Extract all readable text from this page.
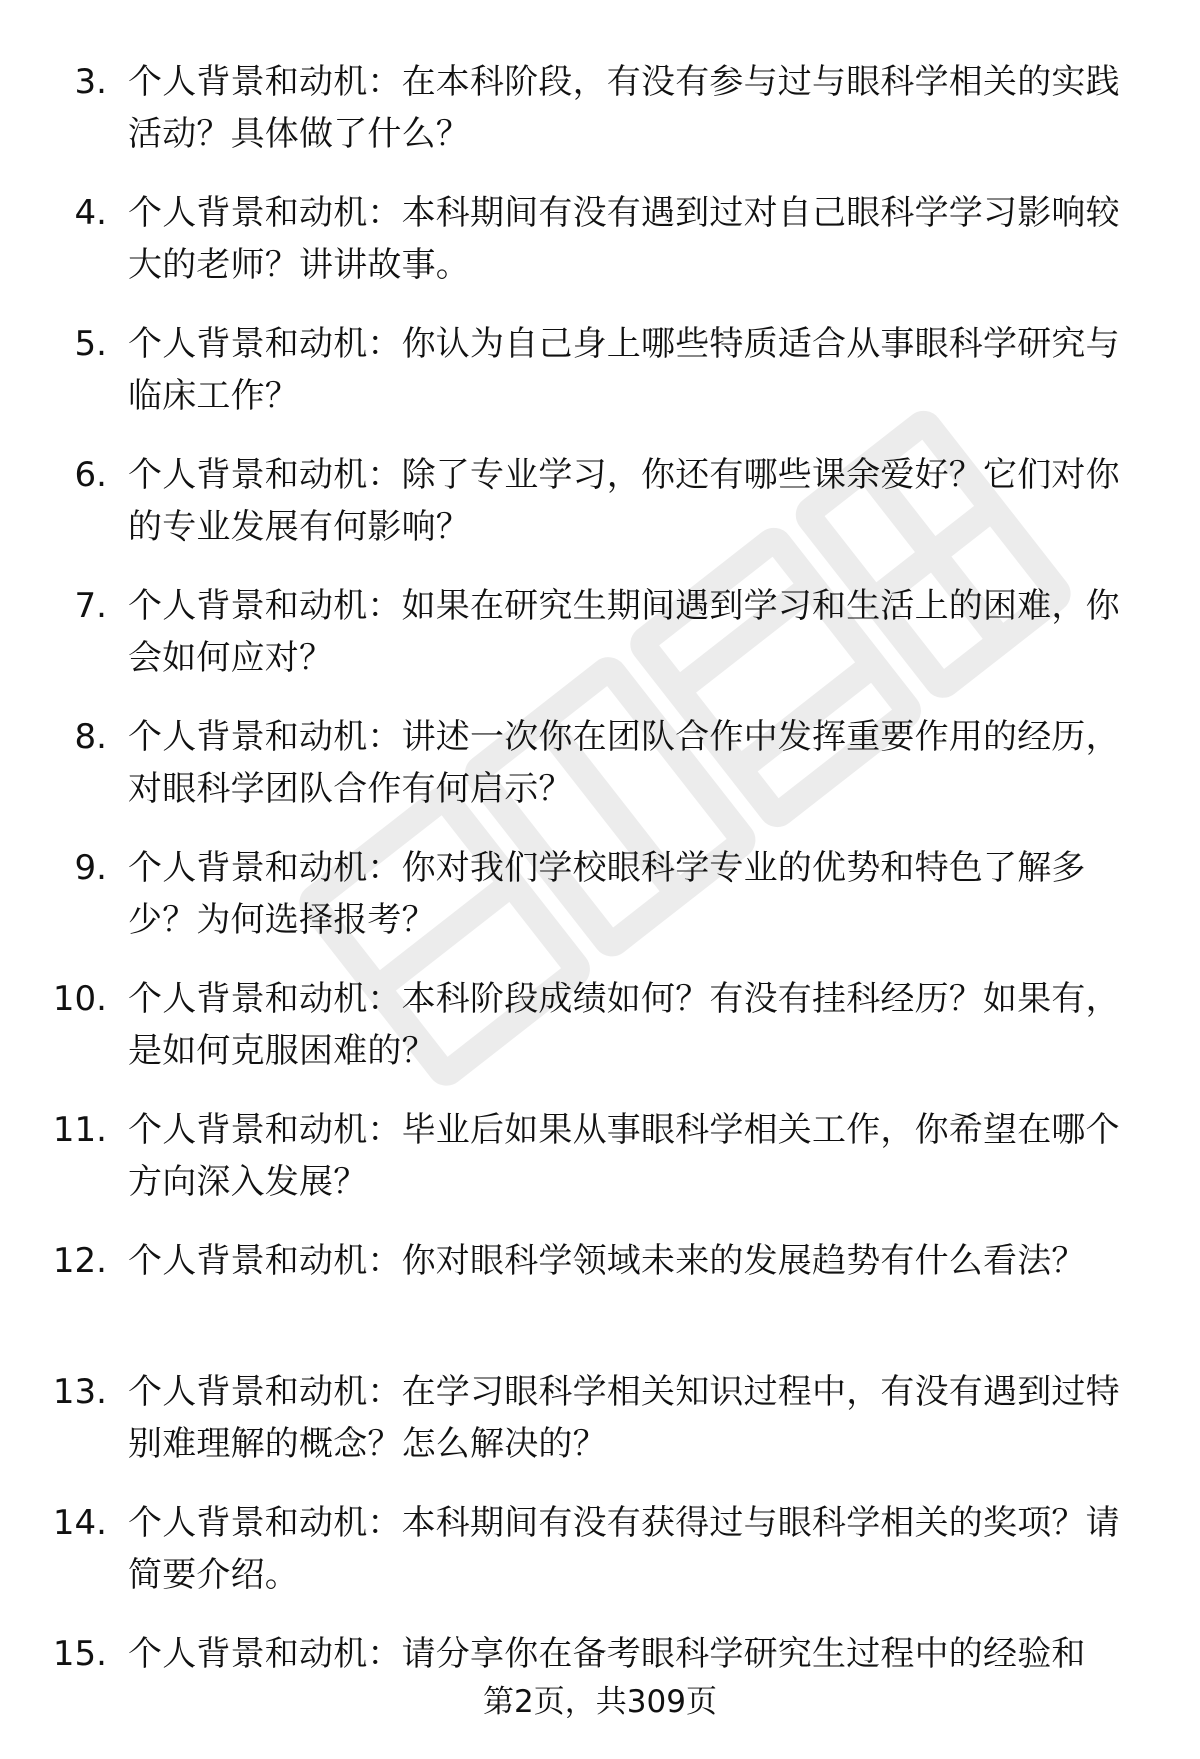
3. 个人背景和动机：在本科阶段，有没有参与过与眼科学相关的实践活动？具体做了什么？
4. 个人背景和动机：本科期间有没有遇到过对自己眼科学学习影响较大的老师？讲讲故事。
5. 个人背景和动机：你认为自己身上哪些特质适合从事眼科学研究与临床工作？
6. 个人背景和动机：除了专业学习，你还有哪些课余爱好？它们对你的专业发展有何影响？
7. 个人背景和动机：如果在研究生期间遇到学习和生活上的困难，你会如何应对？
8. 个人背景和动机：讲述一次你在团队合作中发挥重要作用的经历，对眼科学团队合作有何启示？
9. 个人背景和动机：你对我们学校眼科学专业的优势和特色了解多少？为何选择报考？
10. 个人背景和动机：本科阶段成绩如何？有没有挂科经历？如果有，是如何克服困难的？
11. 个人背景和动机：毕业后如果从事眼科学相关工作，你希望在哪个方向深入发展？
12. 个人背景和动机：你对眼科学领域未来的发展趋势有什么看法？
13. 个人背景和动机：在学习眼科学相关知识过程中，有没有遇到过特别难理解的概念？怎么解决的？
14. 个人背景和动机：本科期间有没有获得过与眼科学相关的奖项？请简要介绍。
15. 个人背景和动机：请分享你在备考眼科学研究生过程中的经验和
第2页，共309页
